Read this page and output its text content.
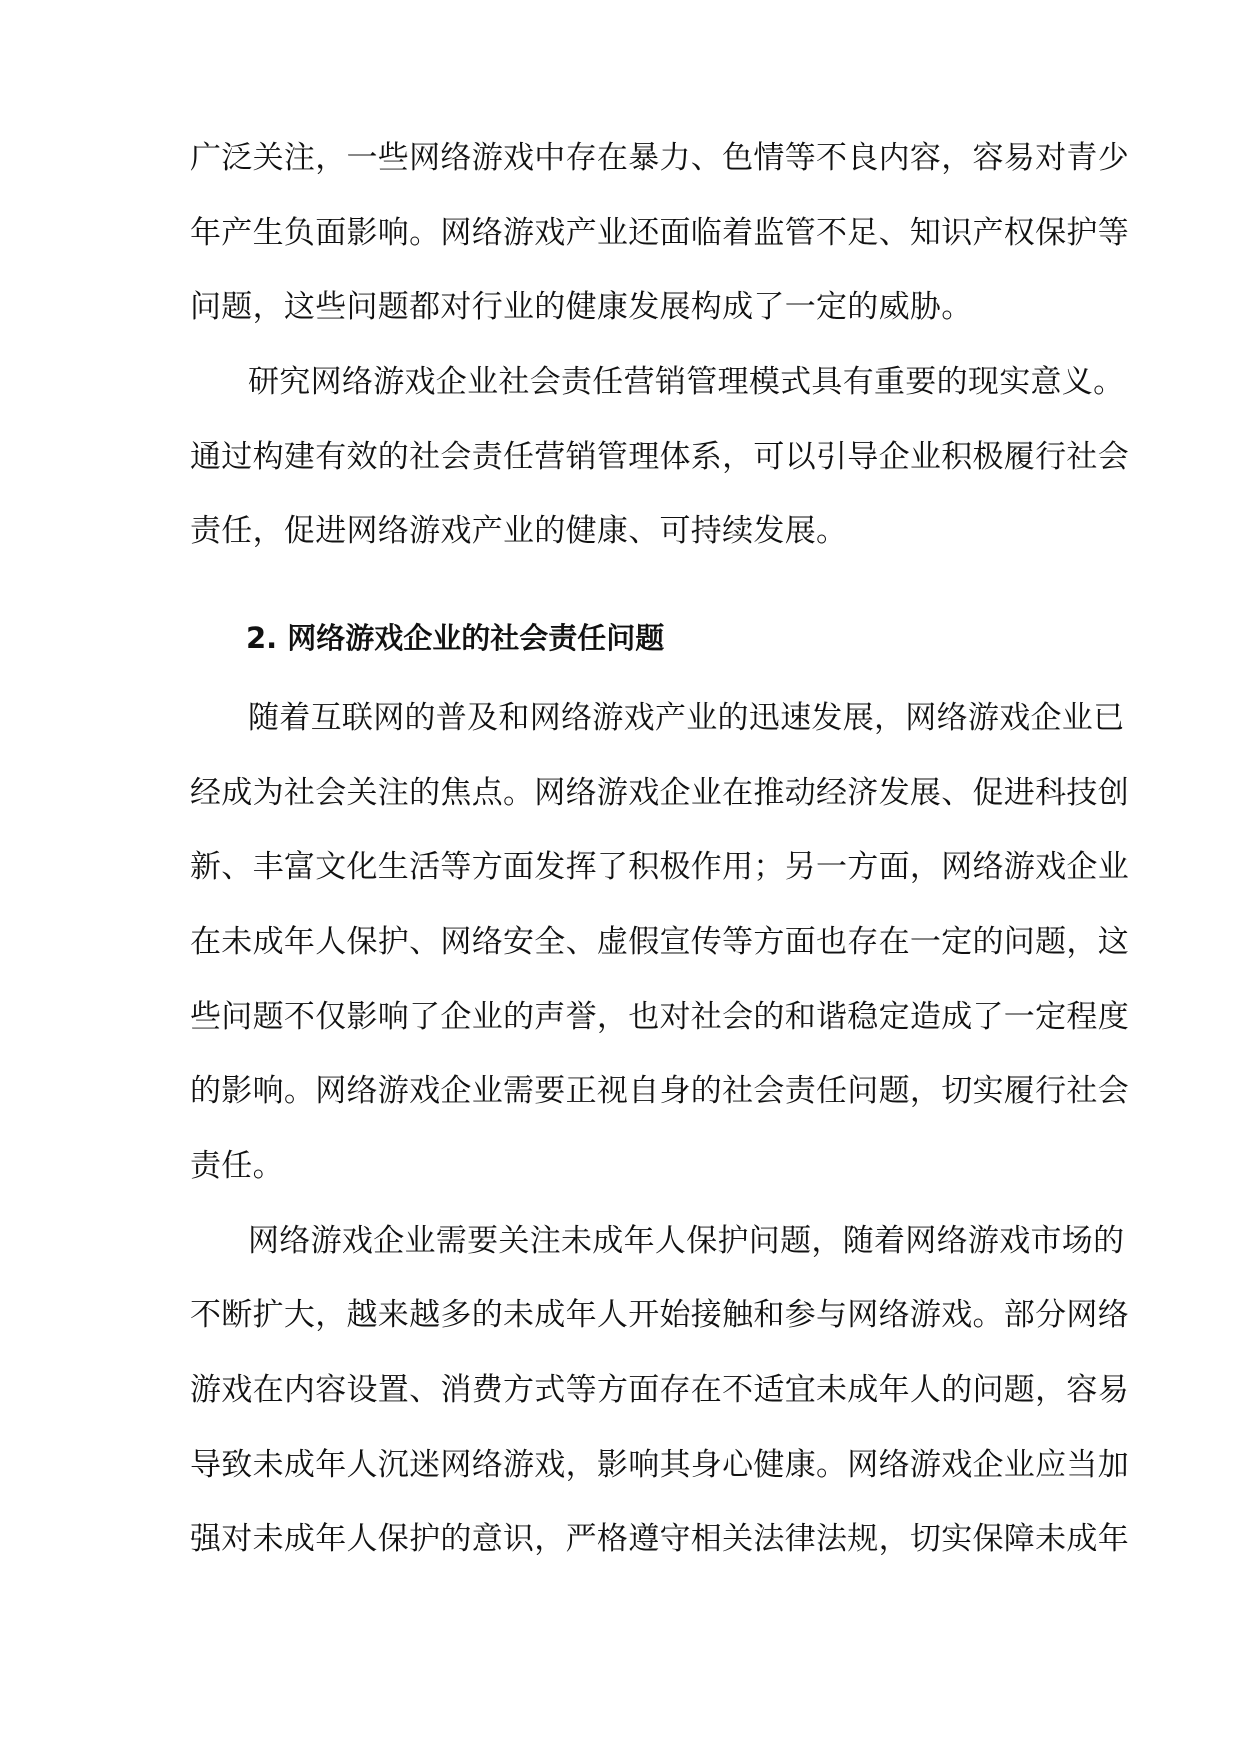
广泛关注，一些网络游戏中存在暴力、色情等不良内容，容易对青少
年产生负面影响。网络游戏产业还面临着监管不足、知识产权保护等
问题，这些问题都对行业的健康发展构成了一定的威胁。
研究网络游戏企业社会责任营销管理模式具有重要的现实意义。
通过构建有效的社会责任营销管理体系，可以引导企业积极履行社会
责任，促进网络游戏产业的健康、可持续发展。
2. 网络游戏企业的社会责任问题
随着互联网的普及和网络游戏产业的迅速发展，网络游戏企业已
经成为社会关注的焦点。网络游戏企业在推动经济发展、促进科技创
新、丰富文化生活等方面发挥了积极作用；另一方面，网络游戏企业
在未成年人保护、网络安全、虚假宣传等方面也存在一定的问题，这
些问题不仅影响了企业的声誉，也对社会的和谐稳定造成了一定程度
的影响。网络游戏企业需要正视自身的社会责任问题，切实履行社会
责任。
网络游戏企业需要关注未成年人保护问题，随着网络游戏市场的
不断扩大，越来越多的未成年人开始接触和参与网络游戏。部分网络
游戏在内容设置、消费方式等方面存在不适宜未成年人的问题，容易
导致未成年人沉迷网络游戏，影响其身心健康。网络游戏企业应当加
强对未成年人保护的意识，严格遵守相关法律法规，切实保障未成年
